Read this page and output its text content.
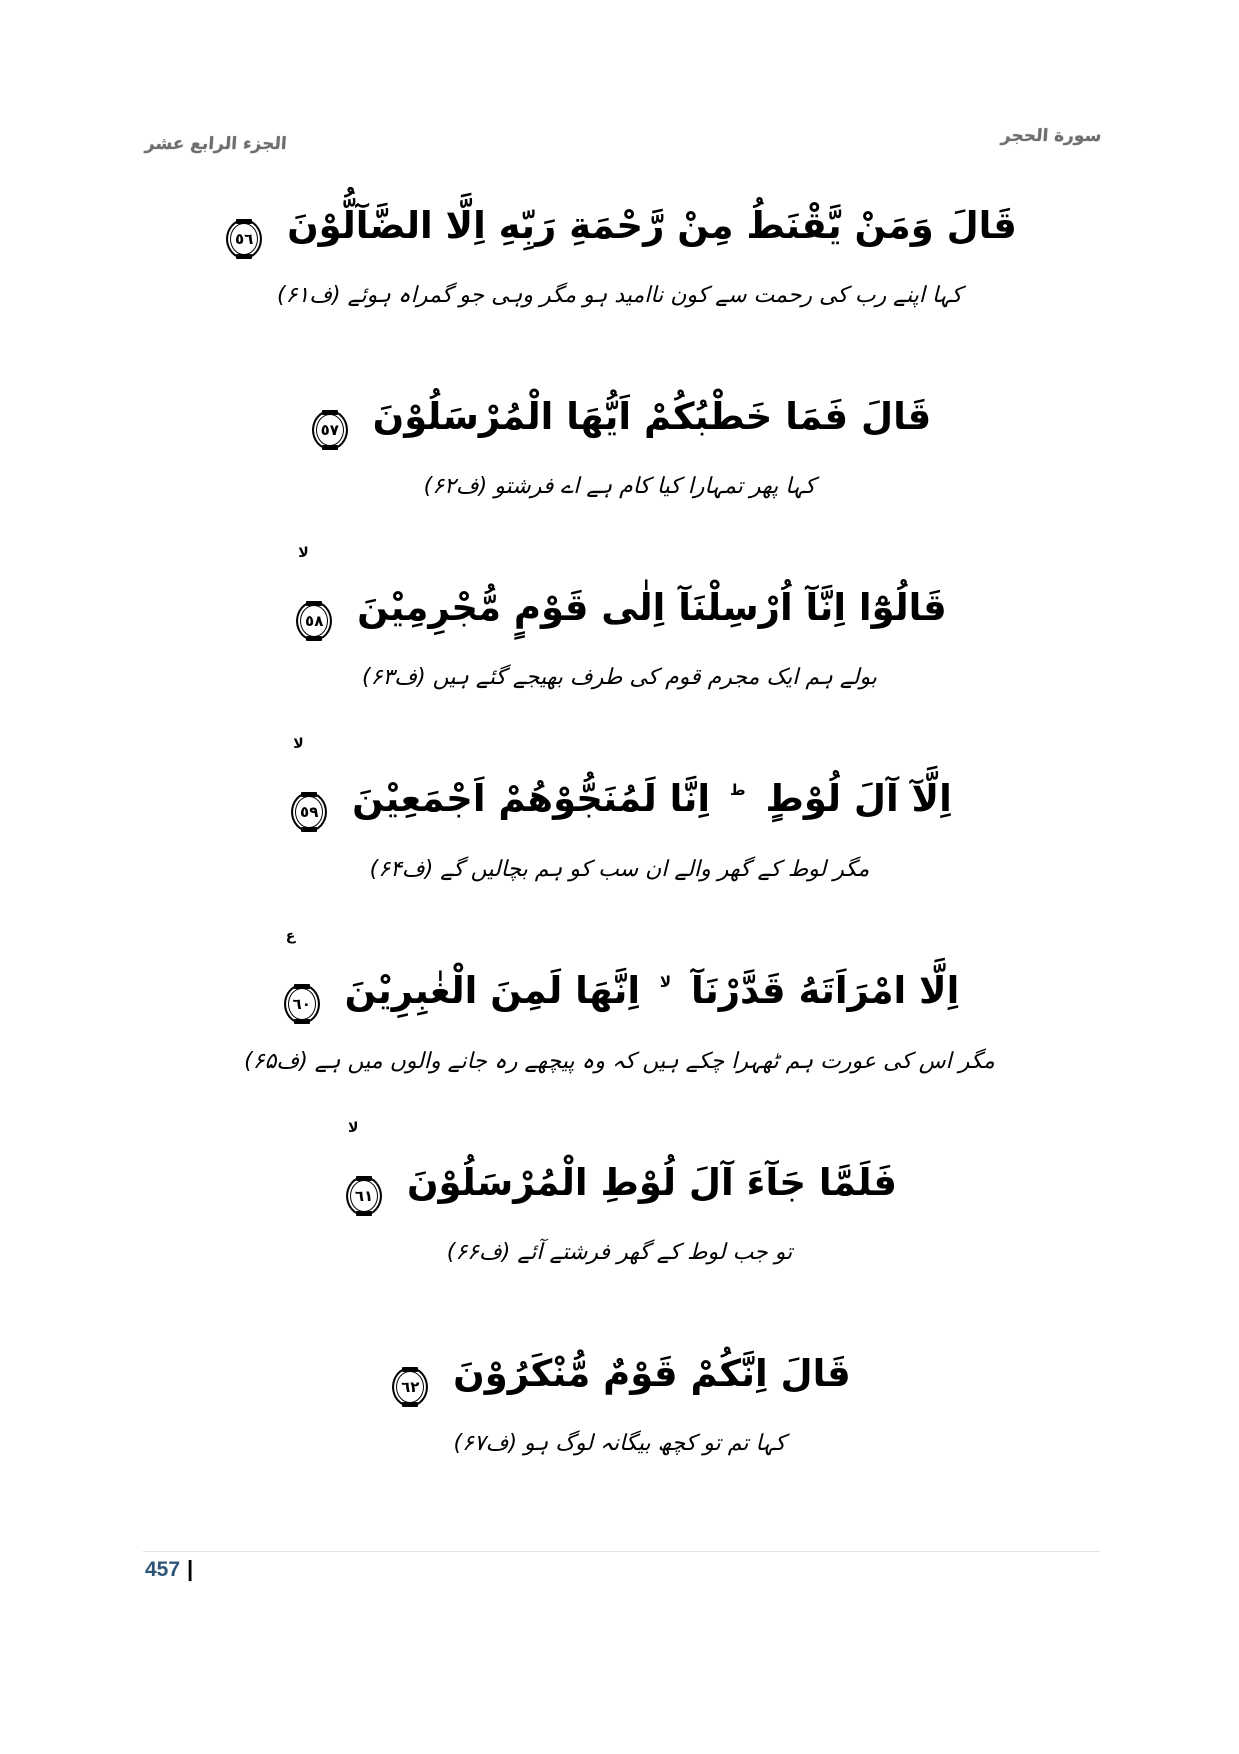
سورة الحجر
الجزء الرابع عشر
قَالَ وَمَنْ يَّقْنَطُ مِنْ رَّحْمَةِ رَبِّهِ اِلَّا الضَّآلُّوْنَ ٥٦
کہا اپنے رب کی رحمت سے کون ناامید ہو مگر وہی جو گمراہ ہوئے (ف۶۱)
قَالَ فَمَا خَطْبُكُمْ اَيُّهَا الْمُرْسَلُوْنَ ٥٧
کہا پھر تمہارا کیا کام ہے اے فرشتو (ف۶۲)
قَالُوْٓا اِنَّآ اُرْسِلْنَآ اِلٰى قَوْمٍ مُّجْرِمِيْنَ
لا
٥٨
بولے ہم ایک مجرم قوم کی طرف بھیجے گئے ہیں (ف۶۳)
اِلَّآ آلَ لُوْطٍ $^ط$ اِنَّا لَمُنَجُّوْهُمْ اَجْمَعِيْنَ
لا
٥٩
مگر لوط کے گھر والے ان سب کو ہم بچالیں گے (ف۶۴)
اِلَّا امْرَاَتَهُ قَدَّرْنَآ $^{لا}$ اِنَّهَا لَمِنَ الْغٰبِرِيْنَ
ع
٦٠
مگر اس کی عورت ہم ٹھہرا چکے ہیں کہ وہ پیچھے رہ جانے والوں میں ہے (ف۶۵)
فَلَمَّا جَآءَ آلَ لُوْطِ الْمُرْسَلُوْنَ
لا
٦١
تو جب لوط کے گھر فرشتے آئے (ف۶۶)
قَالَ اِنَّكُمْ قَوْمٌ مُّنْكَرُوْنَ ٦٢
کہا تم تو کچھ بیگانہ لوگ ہو (ف۶۷)
457 |
